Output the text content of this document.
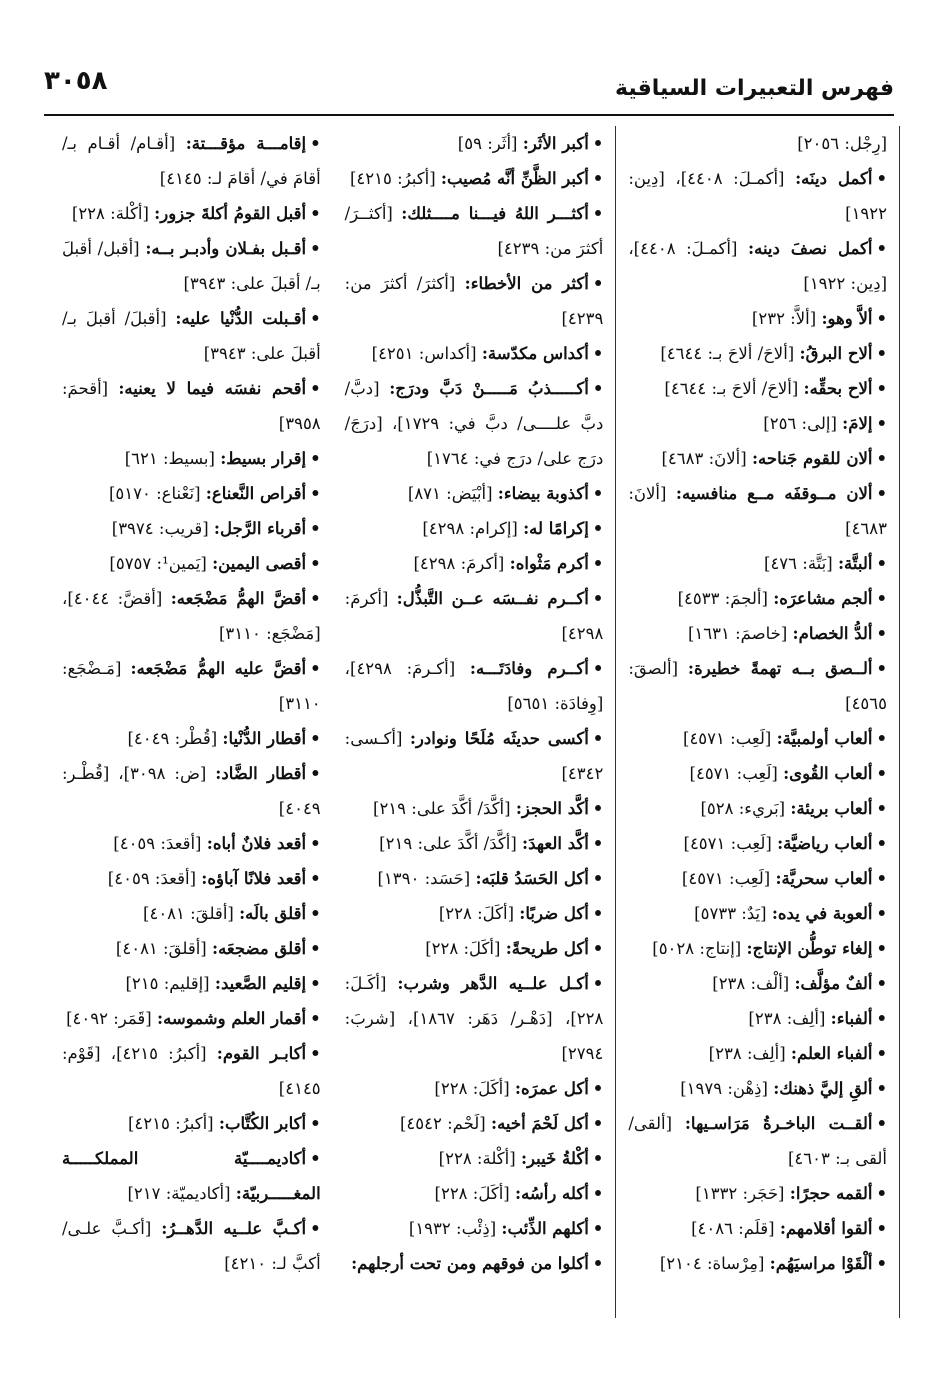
٣٠٥٨	فهرس التعبيرات السياقية

•إقامـــة مؤقـــتة: [أقـام/ أقـام بـ/ أقامَ في/ أقامَ لـ: ٤١٤٥]

•أقبل القومُ أكلةَ جزور: [أكْلة: ٢٢٨]

•أقـبل بفـلان وأدبـر بــه: [أقبل/ أقبلَ بـ/ أقبلَ على: ٣٩٤٣]

•أقـبلت الدُّنْيا عليه: [أقبلَ/ أقبلَ بـ/ أقبلَ على: ٣٩٤٣]

•أقحم نفسَه فيما لا يعنيه: [أقحمَ: ٣٩٥٨]

•إقرار بسيط: [بسيط: ٦٢١]

•أقراص النَّعناع: [نَعْناع: ٥١٧٠]

•أقرباء الرَّجل: [قريب: ٣٩٧٤]

•أقصى اليمين: [يَمين¹: ٥٧٥٧]

•أقضَّ الهمُّ مَضْجَعه: [أقضَّ: ٤٠٤٤]، [مَضْجَع: ٣١١٠]

•أقضَّ عليه الهمُّ مَضْجَعه: [مَـضْجَع: ٣١١٠]

•أقطار الدُّنْيا: [قُطْر: ٤٠٤٩]

•أقطار الضَّاد: [ض: ٣٠٩٨]، [قُطْـر: ٤٠٤٩]

•أقعد فلانٌ أباه: [أقعدَ: ٤٠٥٩]

•أقعد فلانًا آباؤه: [أقعدَ: ٤٠٥٩]

•أقلق بالَه: [أقلقَ: ٤٠٨١]

•أقلق مضجعَه: [أقلقَ: ٤٠٨١]

•إقليم الصَّعيد: [إقليم: ٢١٥]

•أقمار العلم وشموسه: [قَمَر: ٤٠٩٢]

•أكابـر القوم: [أكبرُ: ٤٢١٥]، [قَوْم: ٤١٤٥]

•أكابر الكُتَّاب: [أكبرُ: ٤٢١٥]

•أكاديمــــيّة المملكـــــة المغـــــربيّة: [أكاديميّة: ٢١٧]

•أكـبَّ علــيه الدَّهــرُ: [أكـبَّ علـى/ أكبَّ لـ: ٤٢١٠]

•أكبر الأثَر: [أثَر: ٥٩]

•أكبر الظَّنِّ أنَّه مُصيب: [أكبرُ: ٤٢١٥]

•أكثـــر اللهُ فيـــنا مــــثلك: [أكثــرَ/ أكثرَ من: ٤٢٣٩]

•أكثر من الأخطاء: [أكثرَ/ أكثرَ من: ٤٢٣٩]

•أكداس مكدّسة: [أكداس: ٤٢٥١]

•أكـــــذبُ مَـــــنْ دَبَّ ودرَج: [دبَّ/ دبَّ علــــى/ دبَّ في: ١٧٢٩]، [درَجَ/ درَج على/ درَج في: ١٧٦٤]

•أكذوبة بيضاء: [أبْيَض: ٨٧١]

•إكرامًا له: [إكرام: ٤٢٩٨]

•أكرم مَثْواه: [أكرمَ: ٤٢٩٨]

•أكــرم نفــسَه عــن التَّبذُّل: [أكرمَ: ٤٢٩٨]

•أكــرم وفادَتَـــه: [أكـرمَ: ٤٢٩٨]، [وِفادَة: ٥٦٥١]

•أكسى حديثَه مُلَحًا ونوادر: [أكـسى: ٤٣٤٢]

•أكَّد الحجز: [أكَّدَ/ أكَّدَ على: ٢١٩]

•أكَّد العهدَ: [أكَّدَ/ أكَّدَ على: ٢١٩]

•أكل الحَسَدُ قلبَه: [حَسَد: ١٣٩٠]

•أكل ضربًا: [أكَلَ: ٢٢٨]

•أكل طريحةً: [أكَلَ: ٢٢٨]

•أكـل علــيه الدَّهر وشرب: [أكَـلَ: ٢٢٨]، [دَهْـر/ دَهَر: ١٨٦٧]، [شربَ: ٢٧٩٤]

•أكل عمرَه: [أكَلَ: ٢٢٨]

•أكل لَحْمَ أخيه: [لَحْم: ٤٥٤٢]

•أكْلةُ خَيبر: [أكْلة: ٢٢٨]

•أكله رأسُه: [أكَلَ: ٢٢٨]

•أكلهم الذِّئب: [ذِئْب: ١٩٣٢]

•أكلوا من فوقهم ومن تحت أرجلهم:

[رِجْل: ٢٠٥٦]

•أكمل دينَه: [أكمـلَ: ٤٤٠٨]، [دِين: ١٩٢٢]

•أكمل نصفَ دينه: [أكمـلَ: ٤٤٠٨]، [دِين: ١٩٢٢]

•ألاَّ وهو: [ألاَّ: ٢٣٢]

•ألاح البرقُ: [ألاحَ/ ألاحَ بـ: ٤٦٤٤]

•ألاح بحقِّه: [ألاحَ/ ألاحَ بـ: ٤٦٤٤]

•إلامَ: [إلى: ٢٥٦]

•ألان للقوم جَناحه: [ألانَ: ٤٦٨٣]

•ألان مــوقفَه مــع منافسيه: [ألانَ: ٤٦٨٣]

•ألبتَّة: [بَتَّة: ٤٧٦]

•ألجم مشاعرَه: [ألجمَ: ٤٥٣٣]

•ألدُّ الخصام: [خاصمَ: ١٦٣١]

•ألــصق بــه تهمةً خطيرة: [ألصقَ: ٤٥٦٥]

•ألعاب أولمبيَّة: [لَعِب: ٤٥٧١]

•ألعاب القُوى: [لَعِب: ٤٥٧١]

•ألعاب بريئة: [بَريء: ٥٢٨]

•ألعاب رياضيَّة: [لَعِب: ٤٥٧١]

•ألعاب سحريَّة: [لَعِب: ٤٥٧١]

•ألعوبة في يده: [يَدٌ: ٥٧٣٣]

•إلغاء توطُّن الإنتاج: [إنتاج: ٥٠٢٨]

•ألفٌ مؤلَّف: [ألْف: ٢٣٨]

•ألفباء: [ألِف: ٢٣٨]

•ألفباء العلم: [ألِف: ٢٣٨]

•ألقِ إليَّ ذهنك: [ذِهْن: ١٩٧٩]

•ألقــت الباخـرةُ مَرَاسـيها: [ألقى/ ألقى بـ: ٤٦٠٣]

•ألقمه حجرًا: [حَجَر: ١٣٣٢]

•ألقوا أقلامهم: [قلَم: ٤٠٨٦]

•ألْقَوْا مراسيَهُم: [مِرْساة: ٢١٠٤]
